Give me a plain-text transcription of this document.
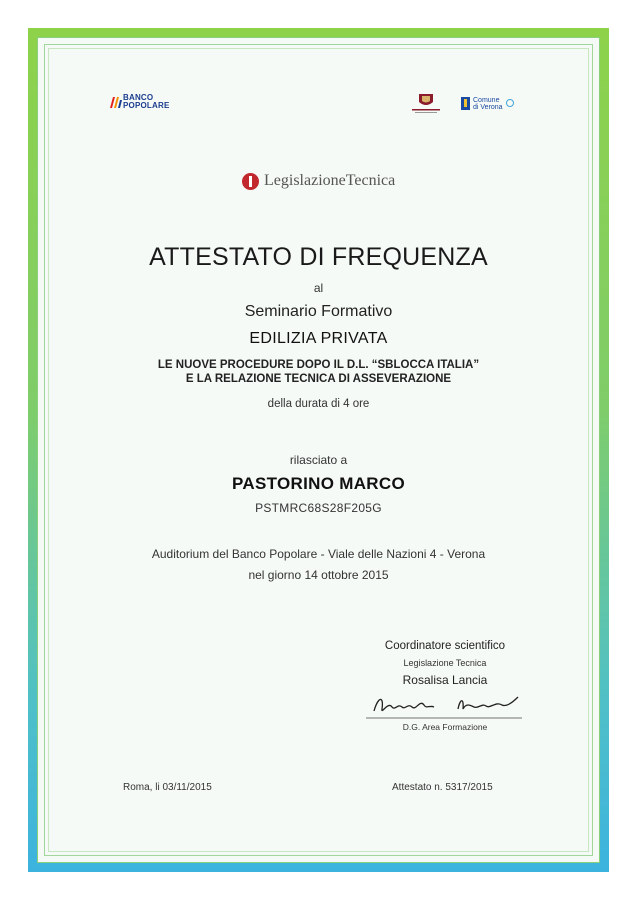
BANCO
POPOLARE
Comune
di Verona
LegislazioneTecnica
ATTESTATO DI FREQUENZA
al
Seminario Formativo
EDILIZIA PRIVATA
LE NUOVE PROCEDURE DOPO IL D.L. “SBLOCCA ITALIA”
E LA RELAZIONE TECNICA DI ASSEVERAZIONE
della durata di 4 ore
rilasciato a
PASTORINO MARCO
PSTMRC68S28F205G
Auditorium del Banco Popolare - Viale delle Nazioni 4 - Verona
nel giorno 14 ottobre 2015
Coordinatore scientifico
Legislazione Tecnica
Rosalisa Lancia
D.G. Area Formazione
Roma, li 03/11/2015	Attestato n. 5317/2015
